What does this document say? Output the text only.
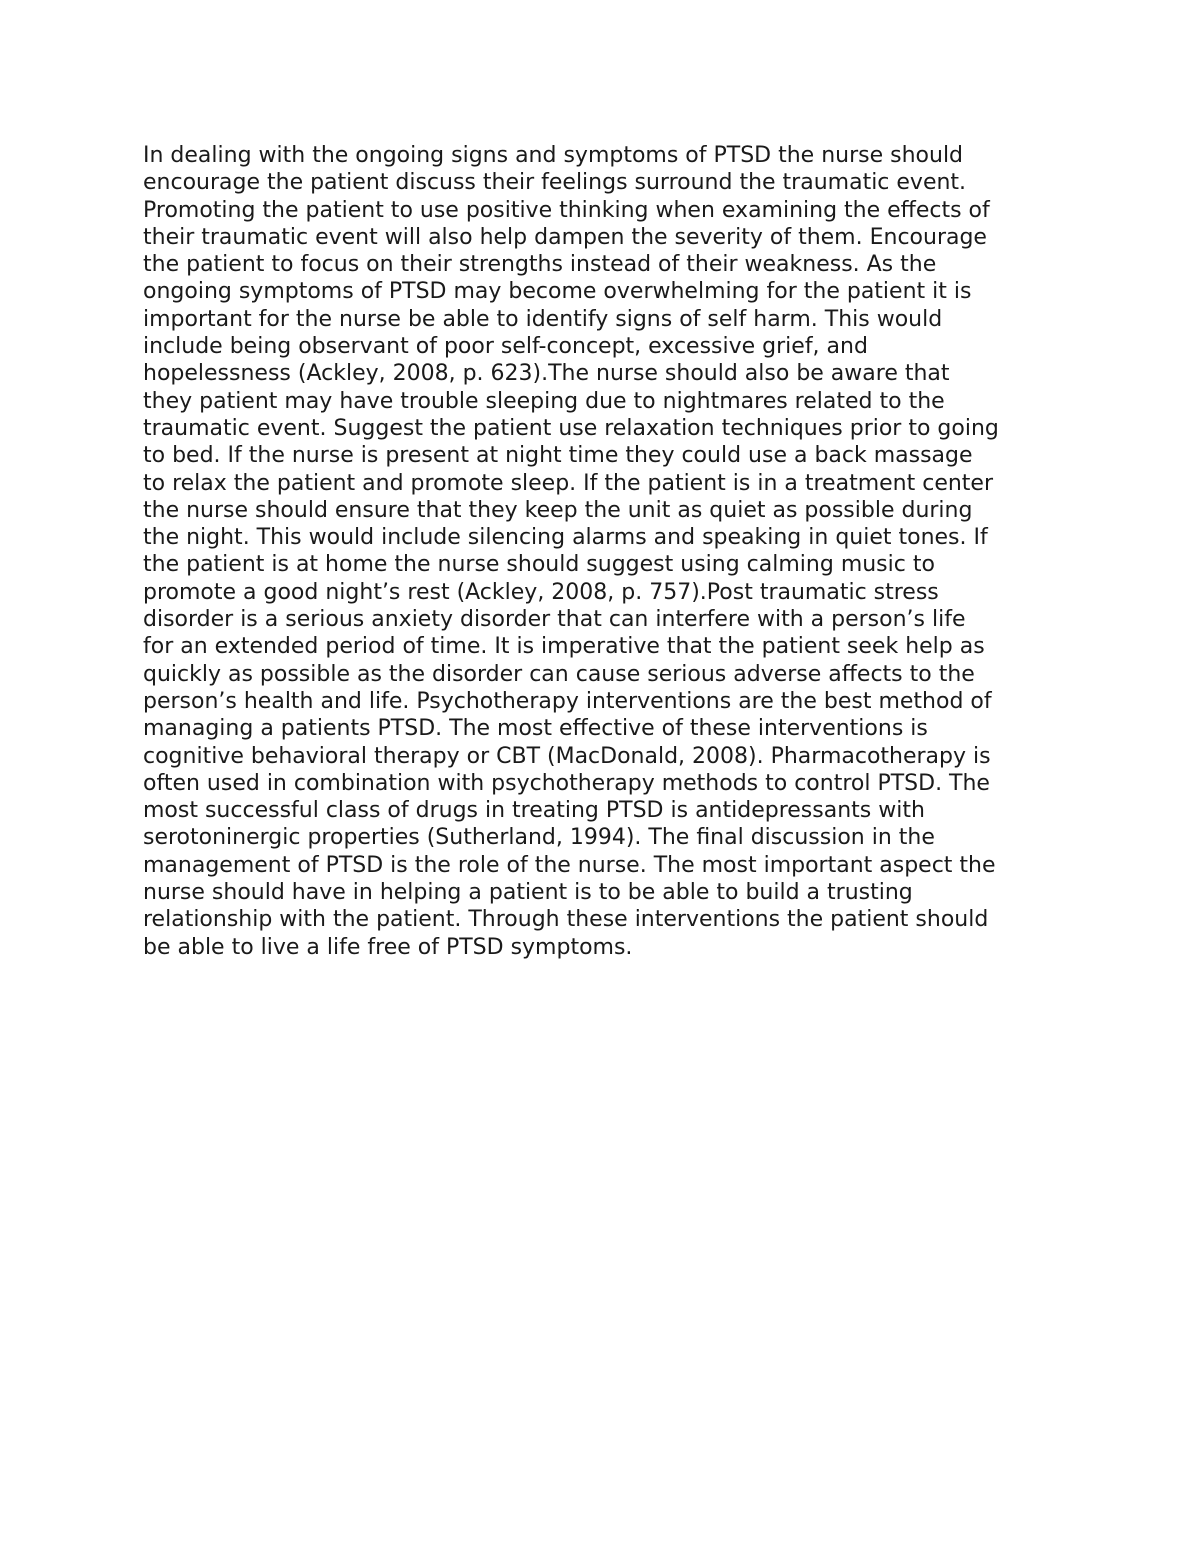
In dealing with the ongoing signs and symptoms of PTSD the nurse should
encourage the patient discuss their feelings surround the traumatic event.
Promoting the patient to use positive thinking when examining the effects of
their traumatic event will also help dampen the severity of them. Encourage
the patient to focus on their strengths instead of their weakness. As the
ongoing symptoms of PTSD may become overwhelming for the patient it is
important for the nurse be able to identify signs of self harm. This would
include being observant of poor self-concept, excessive grief, and
hopelessness (Ackley, 2008, p. 623).The nurse should also be aware that
they patient may have trouble sleeping due to nightmares related to the
traumatic event. Suggest the patient use relaxation techniques prior to going
to bed. If the nurse is present at night time they could use a back massage
to relax the patient and promote sleep. If the patient is in a treatment center
the nurse should ensure that they keep the unit as quiet as possible during
the night. This would include silencing alarms and speaking in quiet tones. If
the patient is at home the nurse should suggest using calming music to
promote a good night’s rest (Ackley, 2008, p. 757).Post traumatic stress
disorder is a serious anxiety disorder that can interfere with a person’s life
for an extended period of time. It is imperative that the patient seek help as
quickly as possible as the disorder can cause serious adverse affects to the
person’s health and life. Psychotherapy interventions are the best method of
managing a patients PTSD. The most effective of these interventions is
cognitive behavioral therapy or CBT (MacDonald, 2008). Pharmacotherapy is
often used in combination with psychotherapy methods to control PTSD. The
most successful class of drugs in treating PTSD is antidepressants with
serotoninergic properties (Sutherland, 1994). The final discussion in the
management of PTSD is the role of the nurse. The most important aspect the
nurse should have in helping a patient is to be able to build a trusting
relationship with the patient. Through these interventions the patient should
be able to live a life free of PTSD symptoms.
